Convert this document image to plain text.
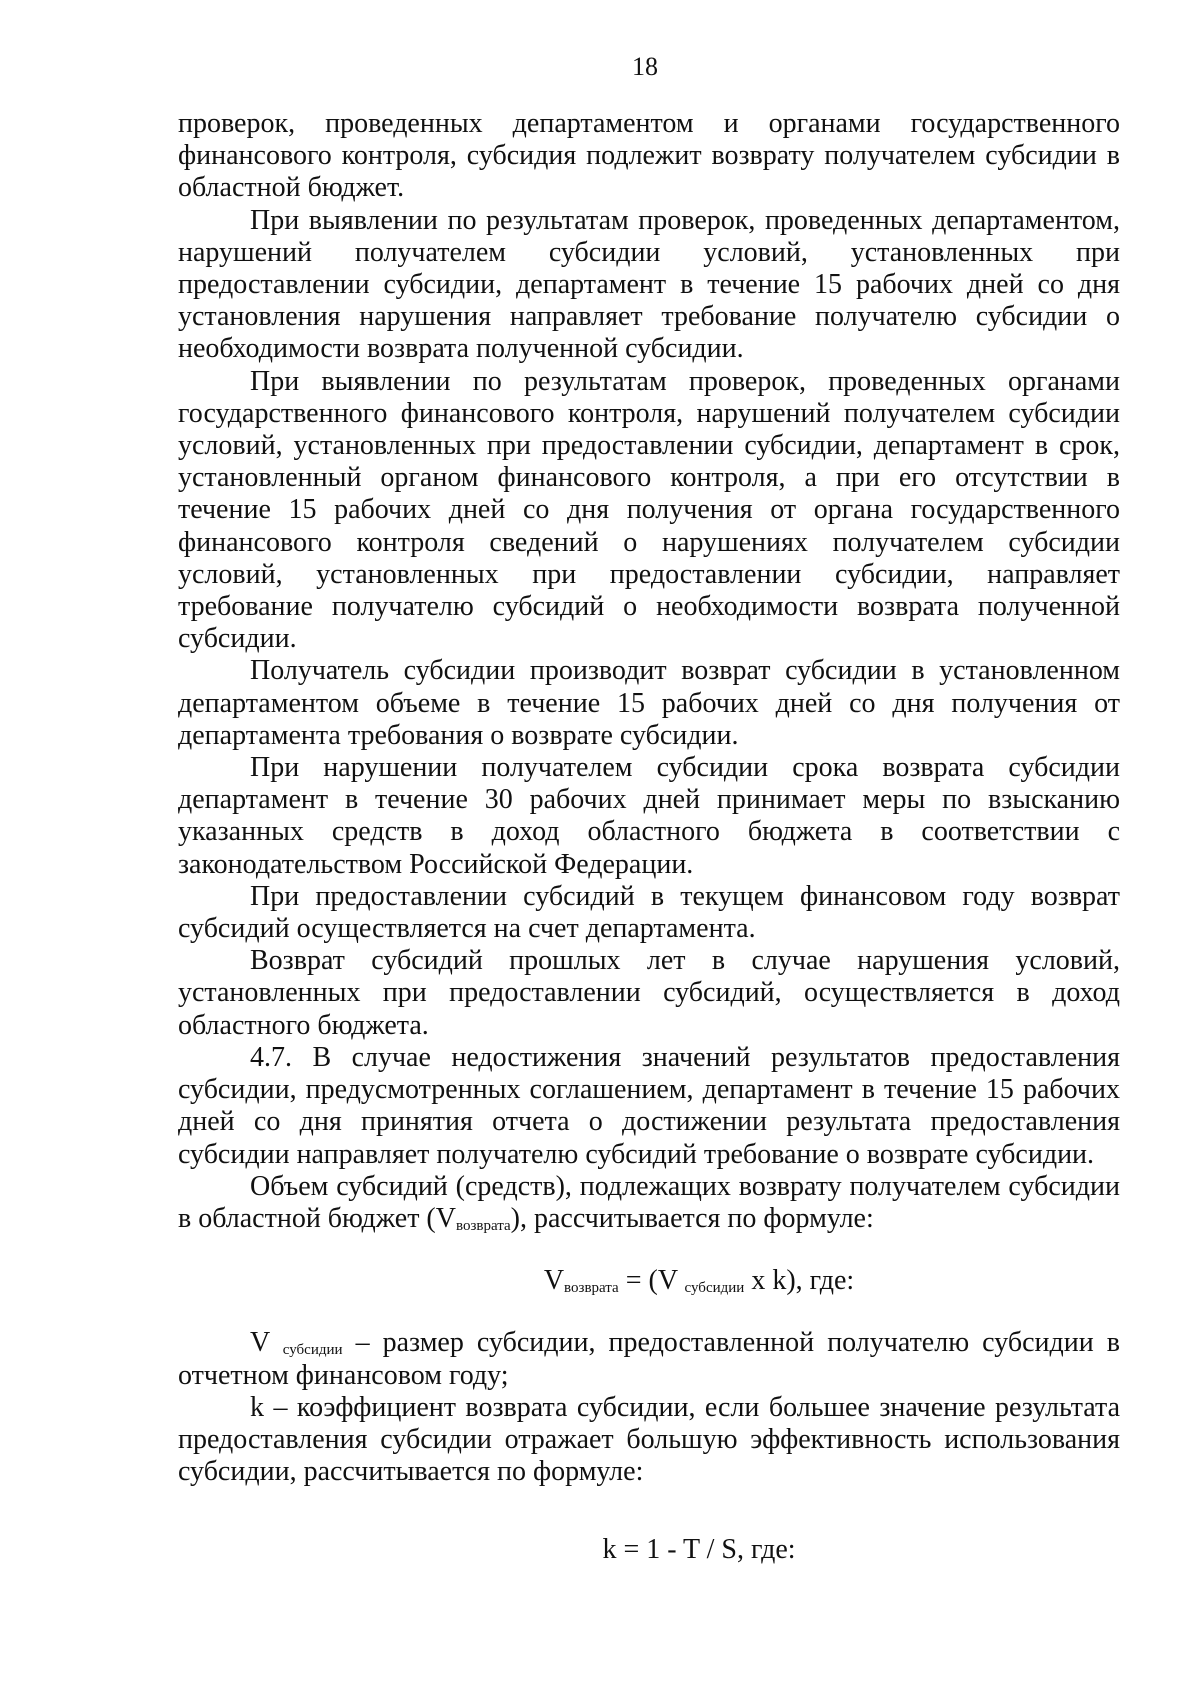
18

проверок, проведенных департаментом и органами государственного финансового контроля, субсидия подлежит возврату получателем субсидии в областной бюджет.

При выявлении по результатам проверок, проведенных департаментом, нарушений получателем субсидии условий, установленных при предоставлении субсидии, департамент в течение 15 рабочих дней со дня установления нарушения направляет требование получателю субсидии о необходимости возврата полученной субсидии.

При выявлении по результатам проверок, проведенных органами государственного финансового контроля, нарушений получателем субсидии условий, установленных при предоставлении субсидии, департамент в срок, установленный органом финансового контроля, а при его отсутствии в течение 15 рабочих дней со дня получения от органа государственного финансового контроля сведений о нарушениях получателем субсидии условий, установленных при предоставлении субсидии, направляет требование получателю субсидий о необходимости возврата полученной субсидии.

Получатель субсидии производит возврат субсидии в установленном департаментом объеме в течение 15 рабочих дней со дня получения от департамента требования о возврате субсидии.

При нарушении получателем субсидии срока возврата субсидии департамент в течение 30 рабочих дней принимает меры по взысканию указанных средств в доход областного бюджета в соответствии с законодательством Российской Федерации.

При предоставлении субсидий в текущем финансовом году возврат субсидий осуществляется на счет департамента.

Возврат субсидий прошлых лет в случае нарушения условий, установленных при предоставлении субсидий, осуществляется в доход областного бюджета.

4.7. В случае недостижения значений результатов предоставления субсидии, предусмотренных соглашением, департамент в течение 15 рабочих дней со дня принятия отчета о достижении результата предоставления субсидии направляет получателю субсидий требование о возврате субсидии.

Объем субсидий (средств), подлежащих возврату получателем субсидии в областной бюджет $(V_{возврата})$, рассчитывается по формуле:

$V_{возврата} = (V$ $_{субсидии}$ x k), где:

V $_{субсидии}$ – размер субсидии, предоставленной получателю субсидии в отчетном финансовом году;

k – коэффициент возврата субсидии, если большее значение результата предоставления субсидии отражает большую эффективность использования субсидии, рассчитывается по формуле:

k = 1 - T / S, где:
